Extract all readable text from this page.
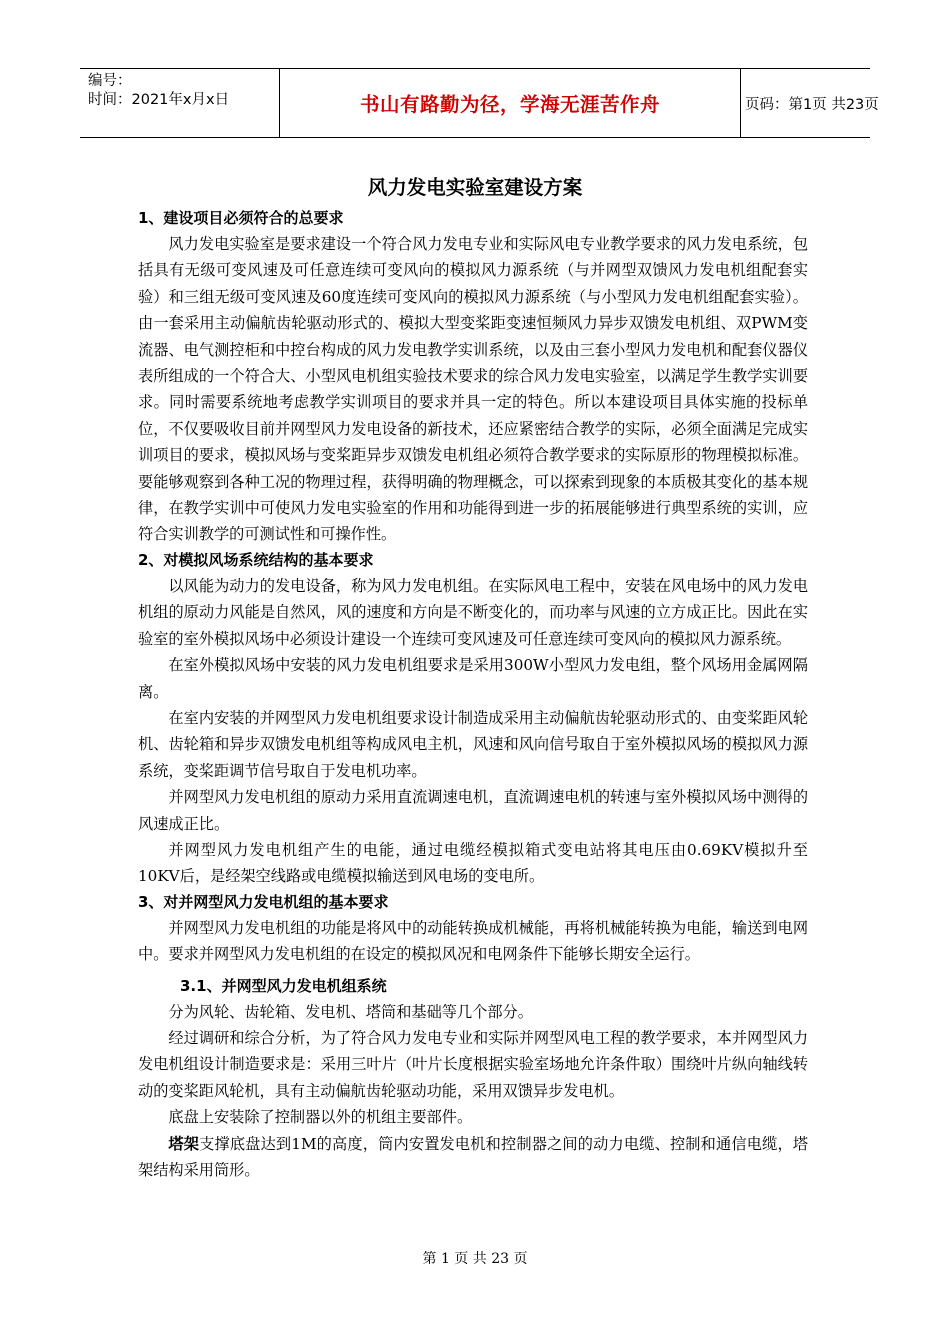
编号：
时间：2021年x月x日	书山有路勤为径，学海无涯苦作舟	页码：第1页 共23页
风力发电实验室建设方案

1、建设项目必须符合的总要求

风力发电实验室是要求建设一个符合风力发电专业和实际风电专业教学要求的风力发电系统，包括具有无级可变风速及可任意连续可变风向的模拟风力源系统（与并网型双馈风力发电机组配套实验）和三组无级可变风速及60度连续可变风向的模拟风力源系统（与小型风力发电机组配套实验）。由一套采用主动偏航齿轮驱动形式的、模拟大型变桨距变速恒频风力异步双馈发电机组、双PWM变流器、电气测控柜和中控台构成的风力发电教学实训系统，以及由三套小型风力发电机和配套仪器仪表所组成的一个符合大、小型风电机组实验技术要求的综合风力发电实验室，以满足学生教学实训要求。同时需要系统地考虑教学实训项目的要求并具一定的特色。所以本建设项目具体实施的投标单位，不仅要吸收目前并网型风力发电设备的新技术，还应紧密结合教学的实际，必须全面满足完成实训项目的要求，模拟风场与变桨距异步双馈发电机组必须符合教学要求的实际原形的物理模拟标准。要能够观察到各种工况的物理过程，获得明确的物理概念，可以探索到现象的本质极其变化的基本规律，在教学实训中可使风力发电实验室的作用和功能得到进一步的拓展能够进行典型系统的实训，应符合实训教学的可测试性和可操作性。

2、对模拟风场系统结构的基本要求

以风能为动力的发电设备，称为风力发电机组。在实际风电工程中，安装在风电场中的风力发电机组的原动力风能是自然风，风的速度和方向是不断变化的，而功率与风速的立方成正比。因此在实验室的室外模拟风场中必须设计建设一个连续可变风速及可任意连续可变风向的模拟风力源系统。

在室外模拟风场中安装的风力发电机组要求是采用300W小型风力发电组，整个风场用金属网隔离。

在室内安装的并网型风力发电机组要求设计制造成采用主动偏航齿轮驱动形式的、由变桨距风轮机、齿轮箱和异步双馈发电机组等构成风电主机，风速和风向信号取自于室外模拟风场的模拟风力源系统，变桨距调节信号取自于发电机功率。

并网型风力发电机组的原动力采用直流调速电机，直流调速电机的转速与室外模拟风场中测得的风速成正比。

并网型风力发电机组产生的电能，通过电缆经模拟箱式变电站将其电压由0.69KV模拟升至10KV后，是经架空线路或电缆模拟输送到风电场的变电所。

3、对并网型风力发电机组的基本要求

并网型风力发电机组的功能是将风中的动能转换成机械能，再将机械能转换为电能，输送到电网中。要求并网型风力发电机组的在设定的模拟风况和电网条件下能够长期安全运行。

3.1、并网型风力发电机组系统

分为风轮、齿轮箱、发电机、塔筒和基础等几个部分。

经过调研和综合分析，为了符合风力发电专业和实际并网型风电工程的教学要求，本并网型风力发电机组设计制造要求是：采用三叶片（叶片长度根据实验室场地允许条件取）围绕叶片纵向轴线转动的变桨距风轮机，具有主动偏航齿轮驱动功能，采用双馈异步发电机。

底盘上安装除了控制器以外的机组主要部件。

塔架支撑底盘达到1M的高度，筒内安置发电机和控制器之间的动力电缆、控制和通信电缆，塔架结构采用筒形。

第 1 页 共 23 页
